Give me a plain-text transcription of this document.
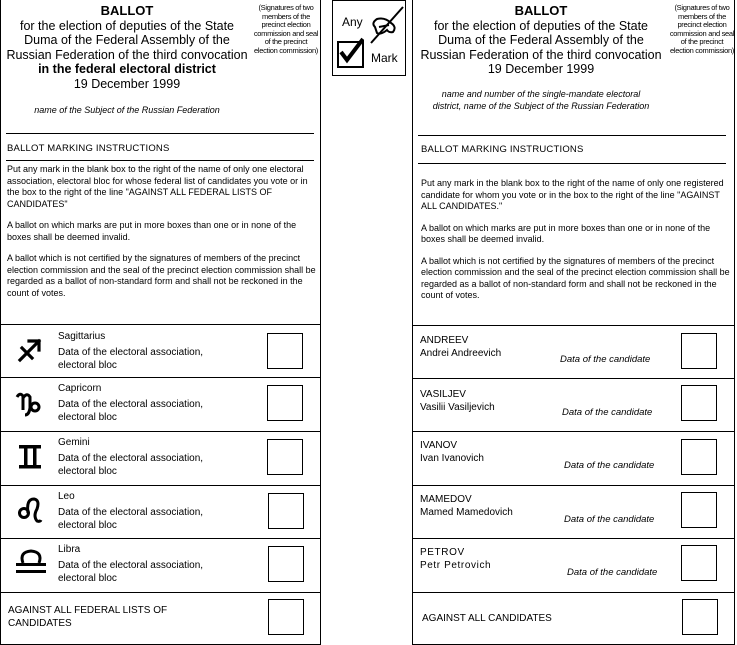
BALLOT
for the election of deputies of the State
Duma of the Federal Assembly of the
Russian Federation of the third convocation
in the federal electoral district
19 December 1999
(Signatures of two members of the precinct election commission and seal of the precinct election commission)
name of the Subject of the Russian Federation
BALLOT MARKING INSTRUCTIONS

Put any mark in the blank box to the right of the name of only one electoral association, electoral bloc for whose federal list of candidates you vote or in the box to the right of the line "AGAINST ALL FEDERAL LISTS OF CANDIDATES"

A ballot on which marks are put in more boxes than one or in none of the boxes shall be deemed invalid.

A ballot which is not certified by the signatures of members of the precinct election commission and the seal of the precinct election commission shall be regarded as a ballot of non-standard form and shall not be reckoned in the count of votes.

Sagittarius
Data of the electoral association, electoral bloc
Capricorn
Data of the electoral association, electoral bloc
Gemini
Data of the electoral association, electoral bloc
Leo
Data of the electoral association, electoral bloc
Libra
Data of the electoral association, electoral bloc
AGAINST ALL FEDERAL LISTS OF
CANDIDATES
Any
Mark
BALLOT
for the election of deputies of the State
Duma of the Federal Assembly of the
Russian Federation of the third convocation
19 December 1999
(Signatures of two members of the precinct election commission and seal of the precinct election commission)
name and number of the single-mandate electoral
district, name of the Subject of the Russian Federation
BALLOT MARKING INSTRUCTIONS

Put any mark in the blank box to the right of the name of only one registered candidate for whom you vote or in the box to the right of the line "AGAINST ALL CANDIDATES."

A ballot on which marks are put in more boxes than one or in none of the boxes shall be deemed invalid.

A ballot which is not certified by the signatures of members of the precinct election commission and the seal of the precinct election commission shall be regarded as a ballot of non-standard form and shall not be reckoned in the count of votes.

ANDREEV
Andrei Andreevich
Data of the candidate
VASILJEV
Vasilii Vasiljevich	Data of the candidate
IVANOV
Ivan Ivanovich
Data of the candidate
MAMEDOV
Mamed Mamedovich
Data of the candidate
PETROV
Petr Petrovich
Data of the candidate
AGAINST ALL CANDIDATES
